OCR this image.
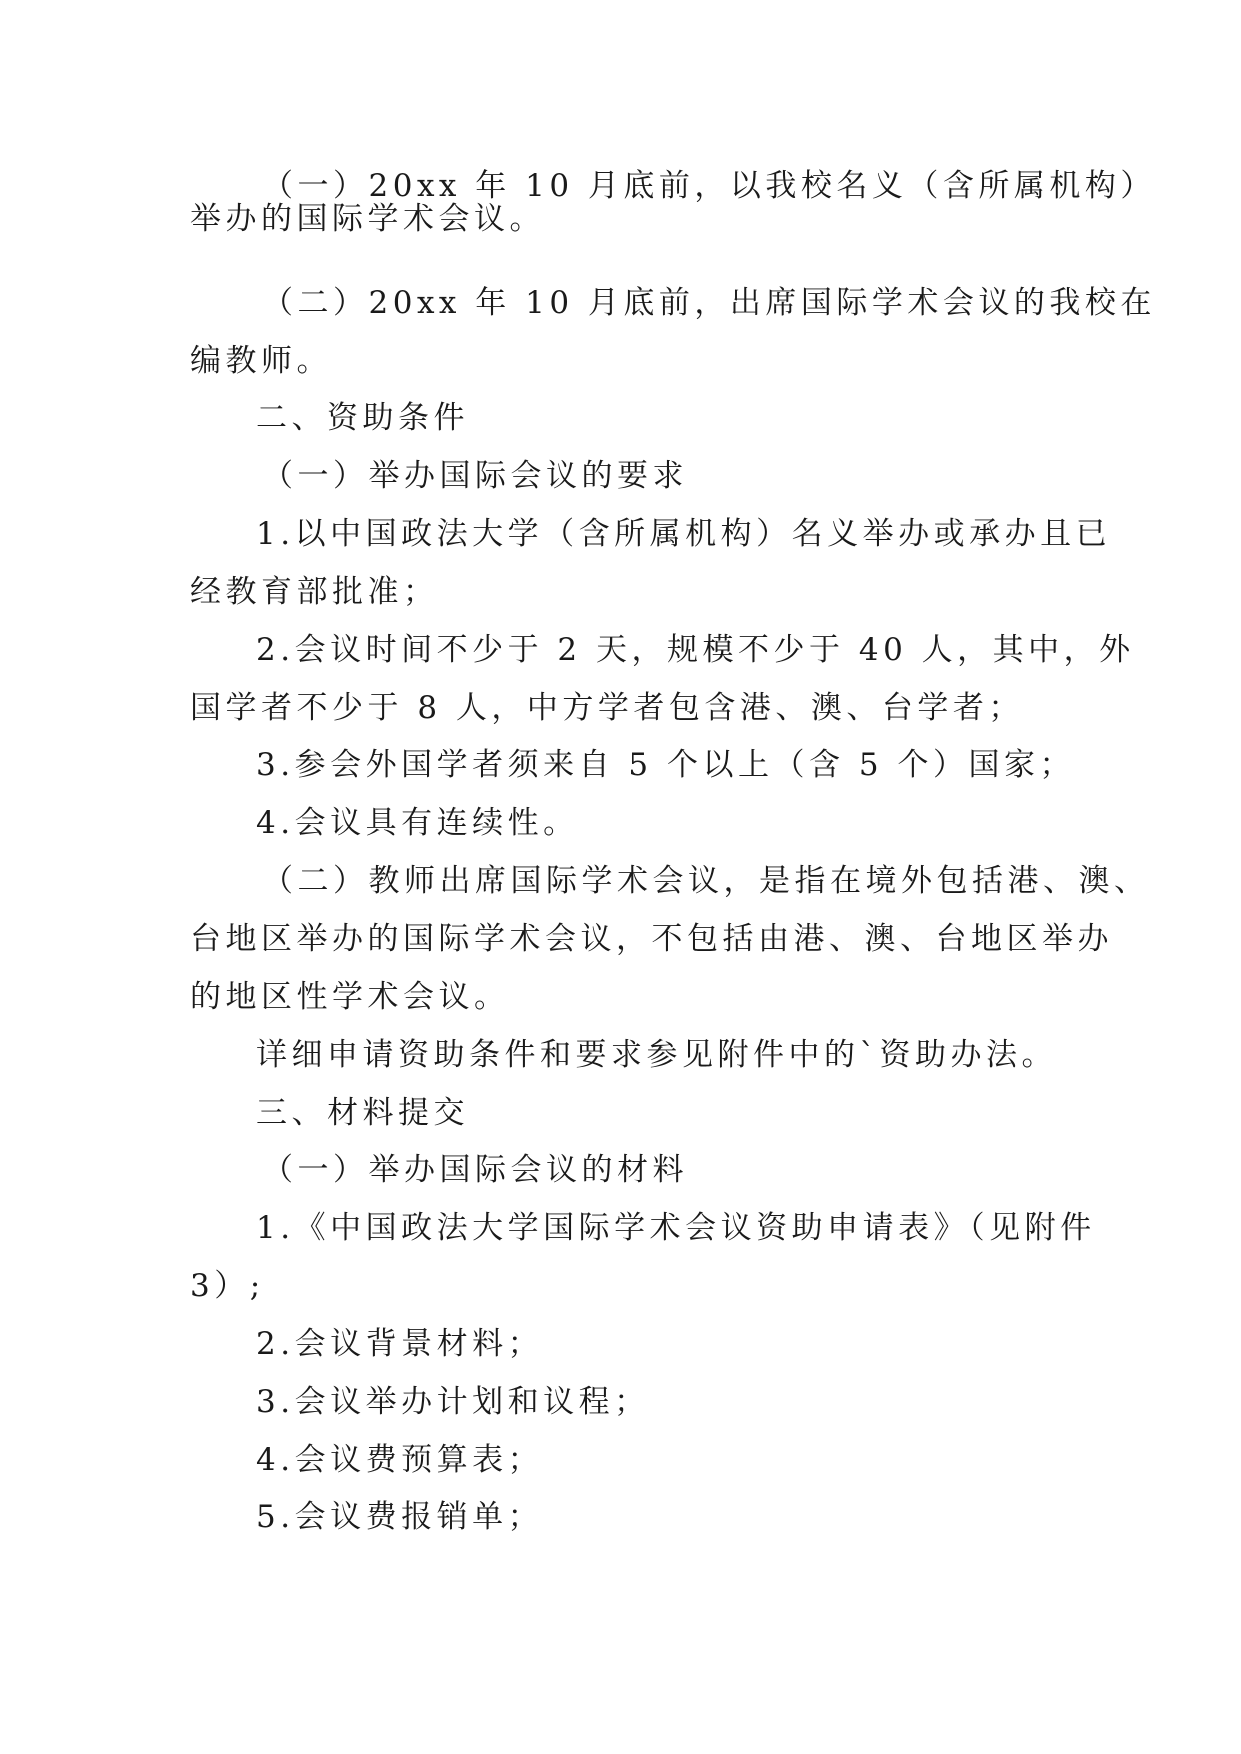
（一）20xx 年 10 月底前，以我校名义（含所属机构）
举办的国际学术会议。
（二）20xx 年 10 月底前，出席国际学术会议的我校在
编教师。
二、资助条件
（一）举办国际会议的要求
1.以中国政法大学（含所属机构）名义举办或承办且已
经教育部批准；
2.会议时间不少于 2 天，规模不少于 40 人，其中，外
国学者不少于 8 人，中方学者包含港、澳、台学者；
3.参会外国学者须来自 5 个以上（含 5 个）国家；
4.会议具有连续性。
（二）教师出席国际学术会议，是指在境外包括港、澳、
台地区举办的国际学术会议，不包括由港、澳、台地区举办
的地区性学术会议。
详细申请资助条件和要求参见附件中的`资助办法。
三、材料提交
（一）举办国际会议的材料
1.《中国政法大学国际学术会议资助申请表》（见附件
3）;
2.会议背景材料；
3.会议举办计划和议程；
4.会议费预算表；
5.会议费报销单；
